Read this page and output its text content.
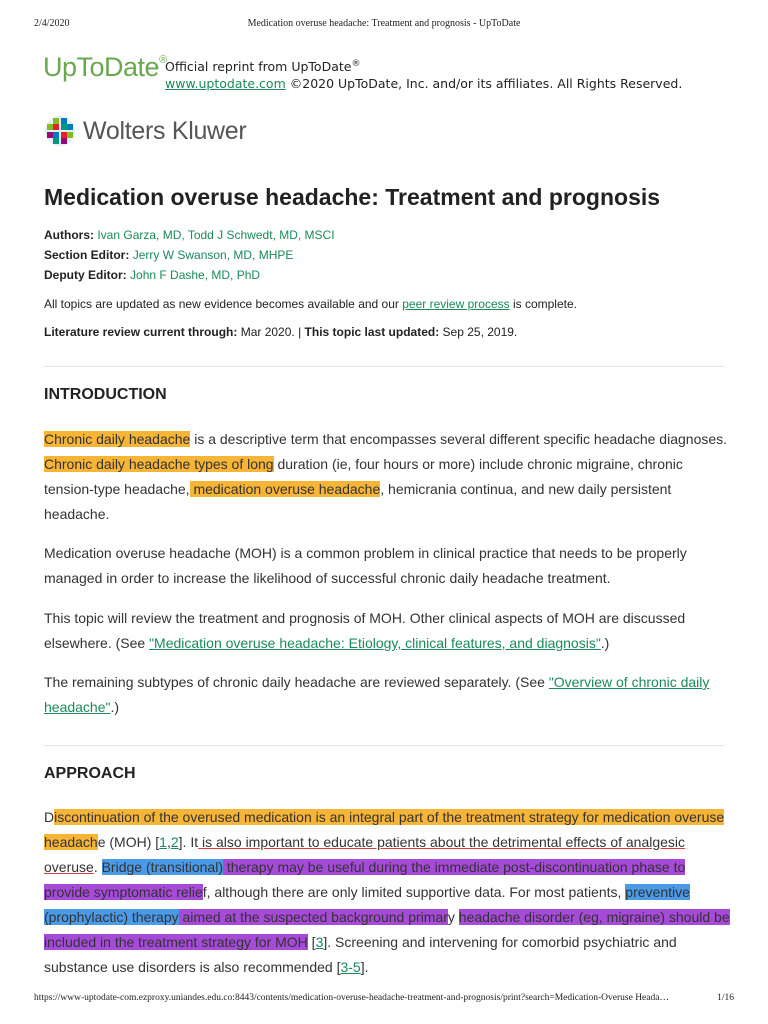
2/4/2020	Medication overuse headache: Treatment and prognosis - UpToDate
UpToDate®
Official reprint from UpToDate®
www.uptodate.com ©2020 UpToDate, Inc. and/or its affiliates. All Rights Reserved.
Wolters Kluwer
Medication overuse headache: Treatment and prognosis
Authors: Ivan Garza, MD, Todd J Schwedt, MD, MSCI
Section Editor: Jerry W Swanson, MD, MHPE
Deputy Editor: John F Dashe, MD, PhD
All topics are updated as new evidence becomes available and our peer review process is complete.
Literature review current through: Mar 2020. | This topic last updated: Sep 25, 2019.
INTRODUCTION

Chronic daily headache is a descriptive term that encompasses several different specific headache diagnoses. Chronic daily headache types of long duration (ie, four hours or more) include chronic migraine, chronic tension-type headache, medication overuse headache, hemicrania continua, and new daily persistent headache.

Medication overuse headache (MOH) is a common problem in clinical practice that needs to be properly managed in order to increase the likelihood of successful chronic daily headache treatment.

This topic will review the treatment and prognosis of MOH. Other clinical aspects of MOH are discussed elsewhere. (See "Medication overuse headache: Etiology, clinical features, and diagnosis".)

The remaining subtypes of chronic daily headache are reviewed separately. (See "Overview of chronic daily headache".)

APPROACH

Discontinuation of the overused medication is an integral part of the treatment strategy for medication overuse headache (MOH) [1,2]. It is also important to educate patients about the detrimental effects of analgesic overuse. Bridge (transitional) therapy may be useful during the immediate post-discontinuation phase to provide symptomatic relief, although there are only limited supportive data. For most patients, preventive (prophylactic) therapy aimed at the suspected background primary headache disorder (eg, migraine) should be included in the treatment strategy for MOH [3]. Screening and intervening for comorbid psychiatric and substance use disorders is also recommended [3-5].

https://www-uptodate-com.ezproxy.uniandes.edu.co:8443/contents/medication-overuse-headache-treatment-and-prognosis/print?search=Medication-Overuse Heada…	1/16
